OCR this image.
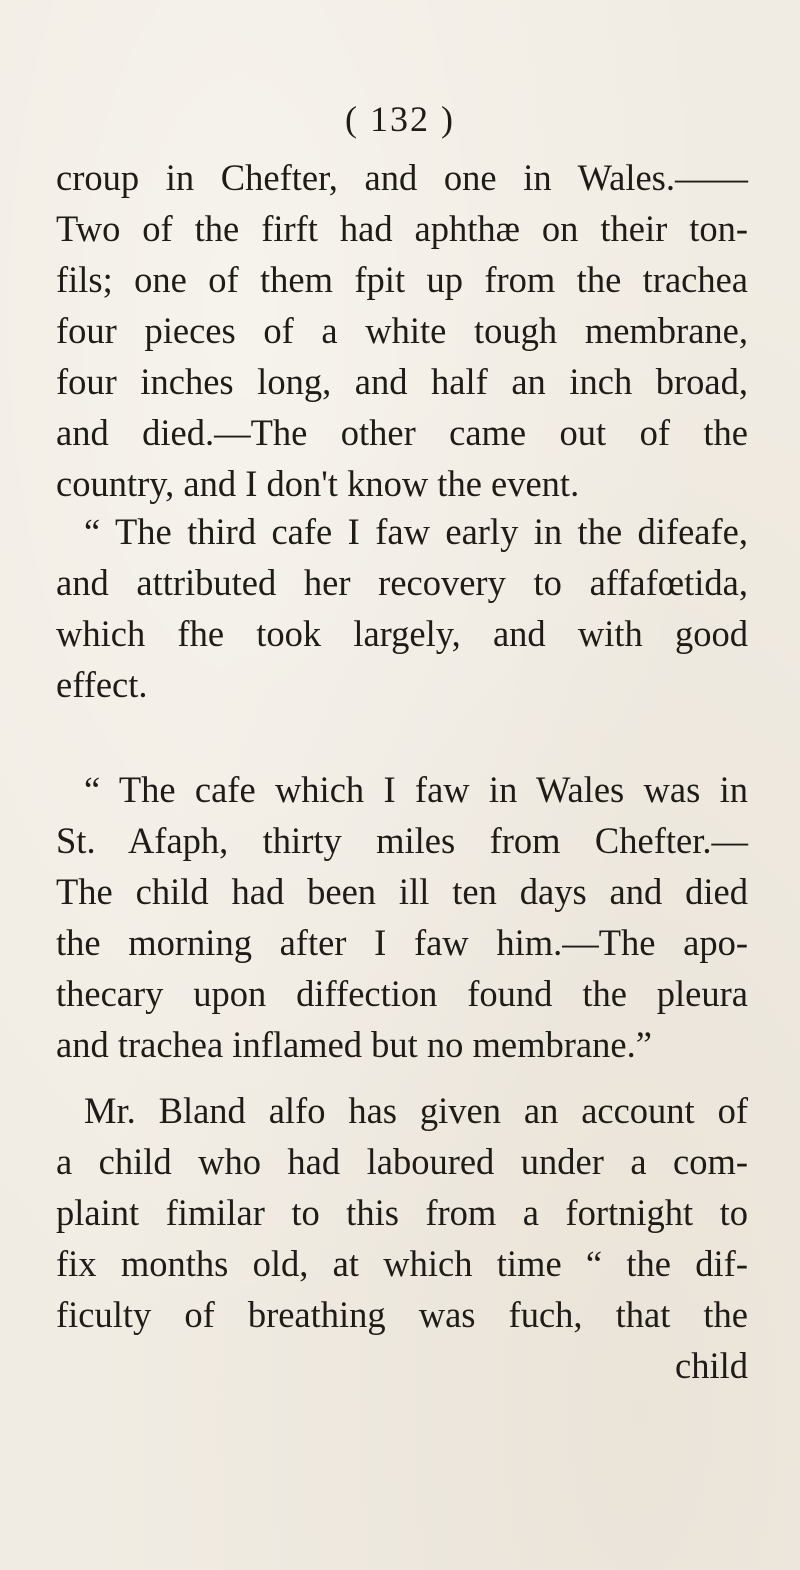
( 132 )
croup in Chefter, and one in Wales.——
Two of the firft had aphthæ on their ton-
fils; one of them fpit up from the trachea
four pieces of a white tough membrane,
four inches long, and half an inch broad,
and died.—The other came out of the
country, and I don't know the event.
“ The third cafe I faw early in the difeafe,
and attributed her recovery to affafœtida,
which fhe took largely, and with good
effect.
“ The cafe which I faw in Wales was in
St. Afaph, thirty miles from Chefter.—
The child had been ill ten days and died
the morning after I faw him.—The apo-
thecary upon diffection found the pleura
and trachea inflamed but no membrane.”
Mr. Bland alfo has given an account of
a child who had laboured under a com-
plaint fimilar to this from a fortnight to
fix months old, at which time “ the dif-
ficulty of breathing was fuch, that the
child
